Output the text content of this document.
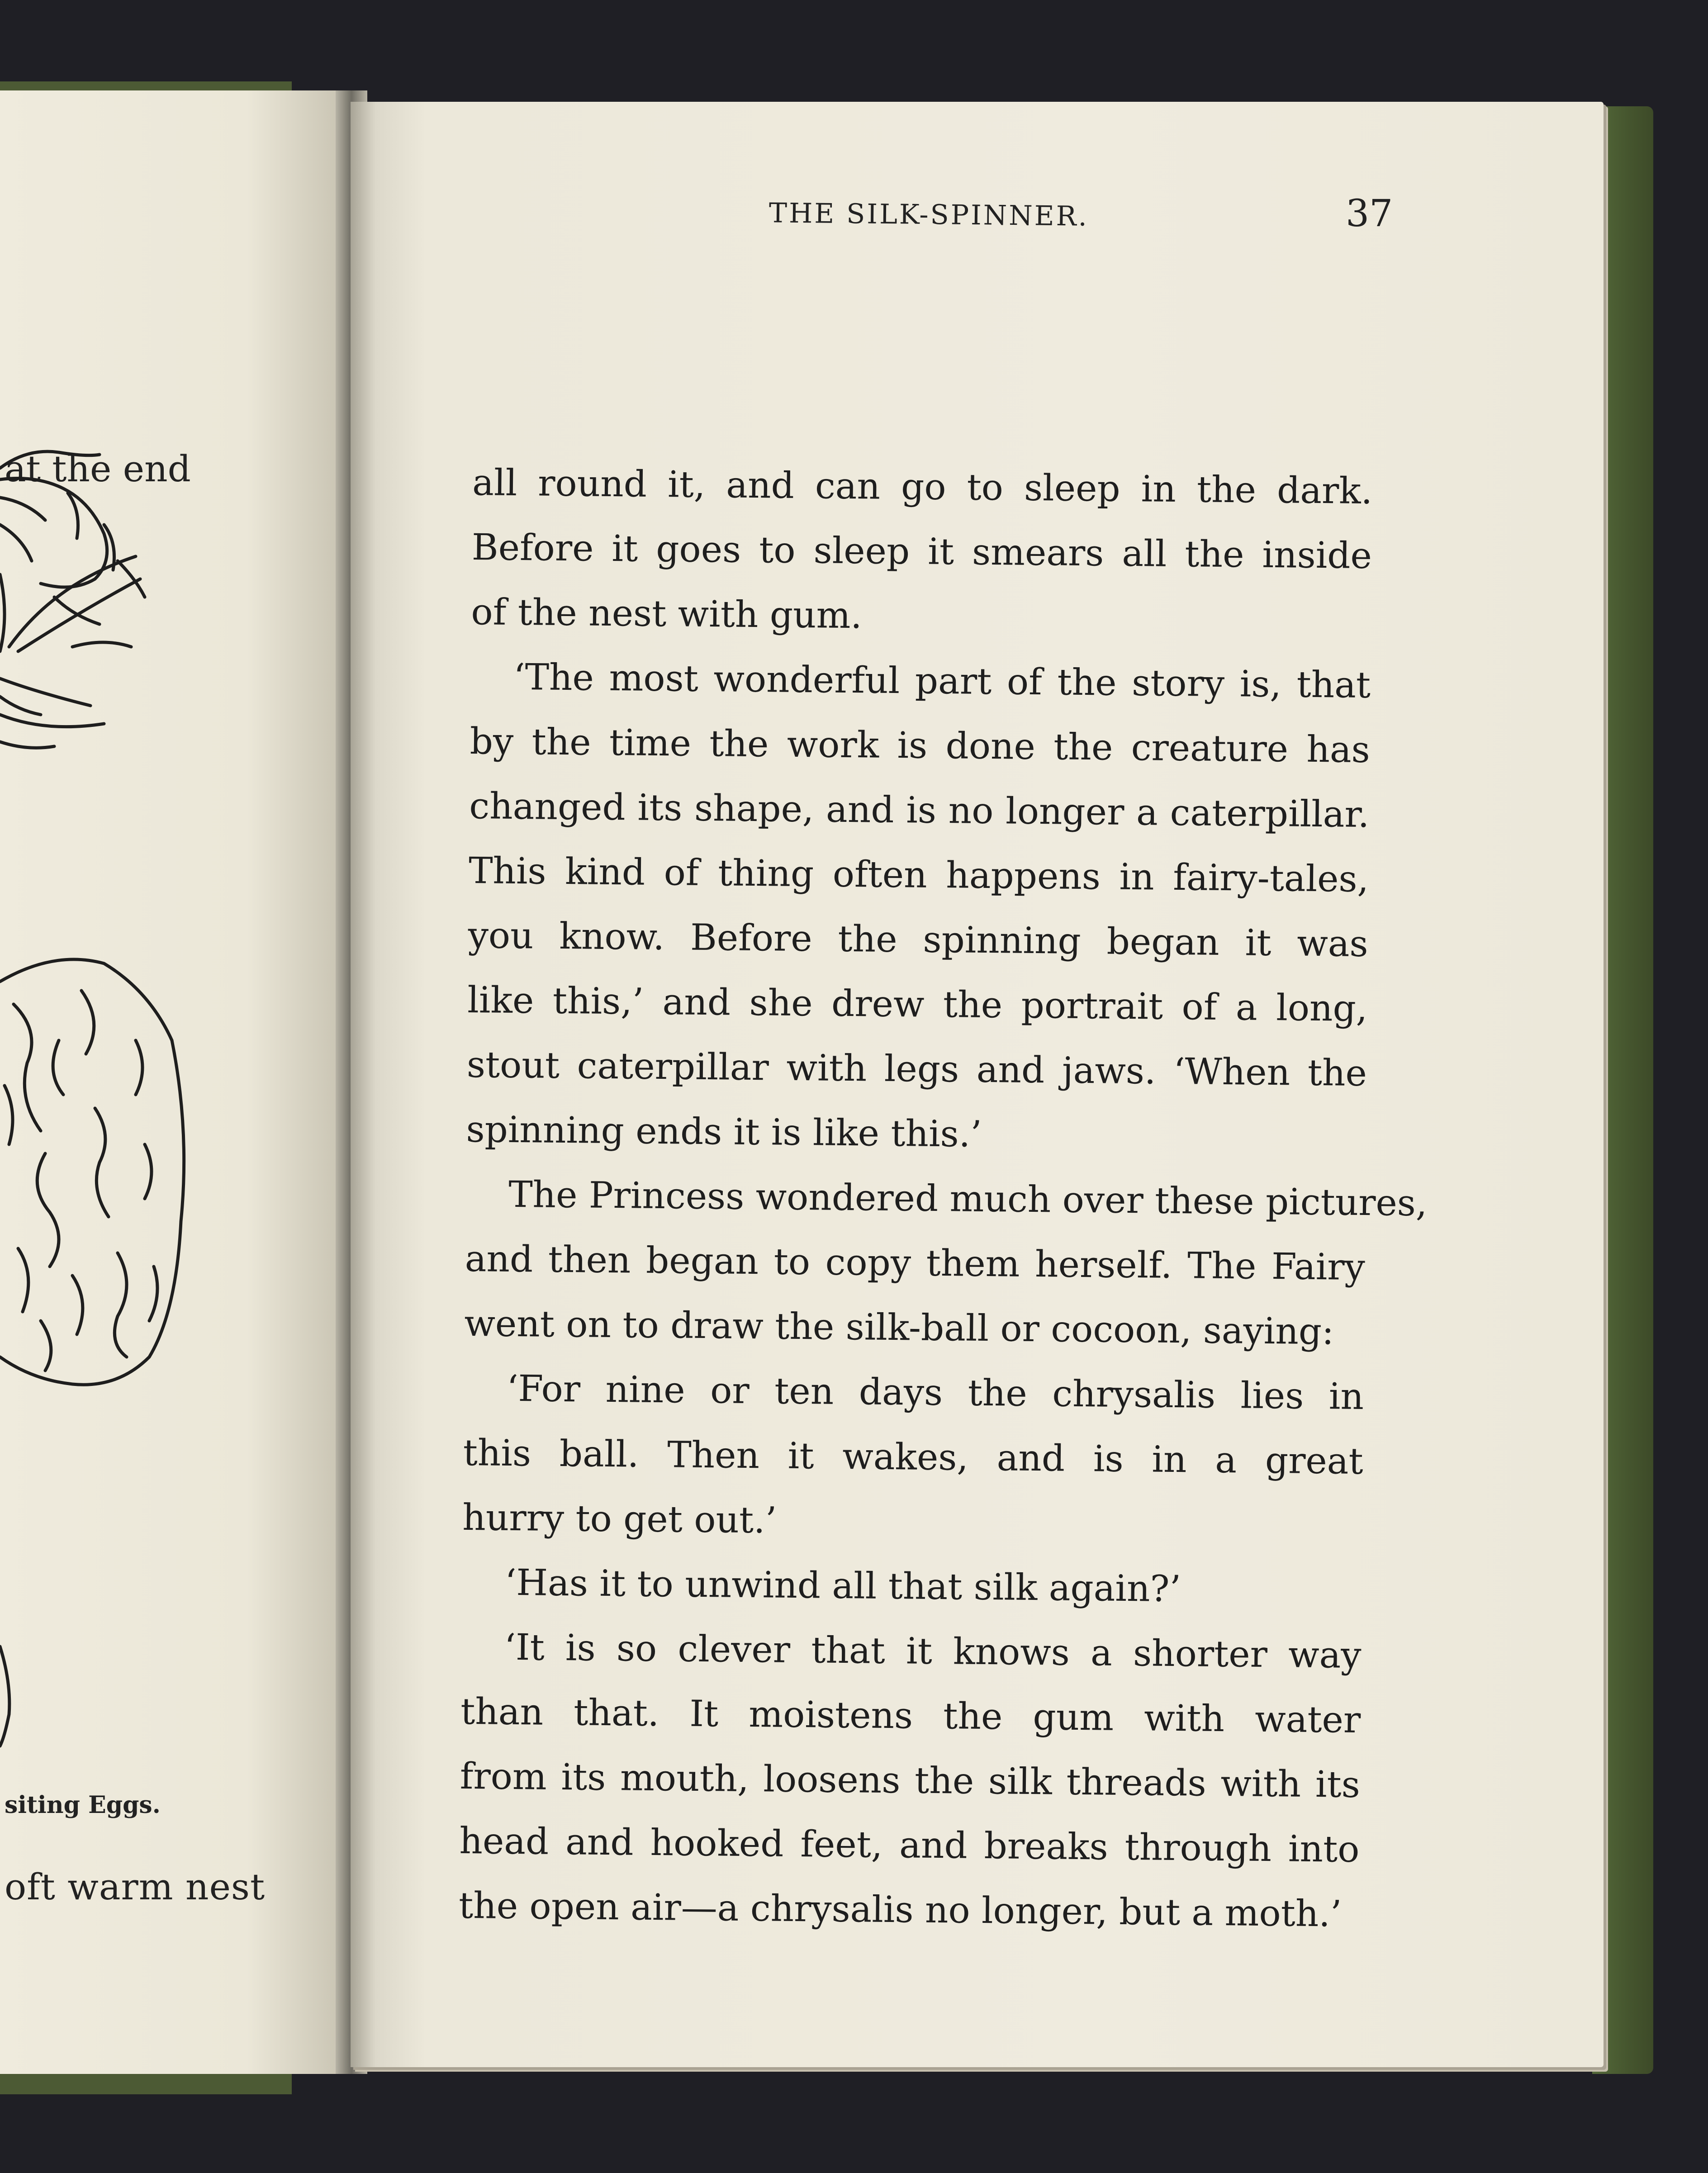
at the end
siting Eggs.
oft warm nest
THE SILK-SPINNER.	37
all round it, and can go to sleep in the dark.
Before it goes to sleep it smears all the inside
of the nest with gum.
‘The most wonderful part of the story is, that
by the time the work is done the creature has
changed its shape, and is no longer a caterpillar.
This kind of thing often happens in fairy-tales,
you know. Before the spinning began it was
like this,’ and she drew the portrait of a long,
stout caterpillar with legs and jaws. ‘When the
spinning ends it is like this.’
The Princess wondered much over these pictures,
and then began to copy them herself. The Fairy
went on to draw the silk-ball or cocoon, saying:
‘For nine or ten days the chrysalis lies in
this ball. Then it wakes, and is in a great
hurry to get out.’
‘Has it to unwind all that silk again?’
‘It is so clever that it knows a shorter way
than that. It moistens the gum with water
from its mouth, loosens the silk threads with its
head and hooked feet, and breaks through into
the open air—a chrysalis no longer, but a moth.’
